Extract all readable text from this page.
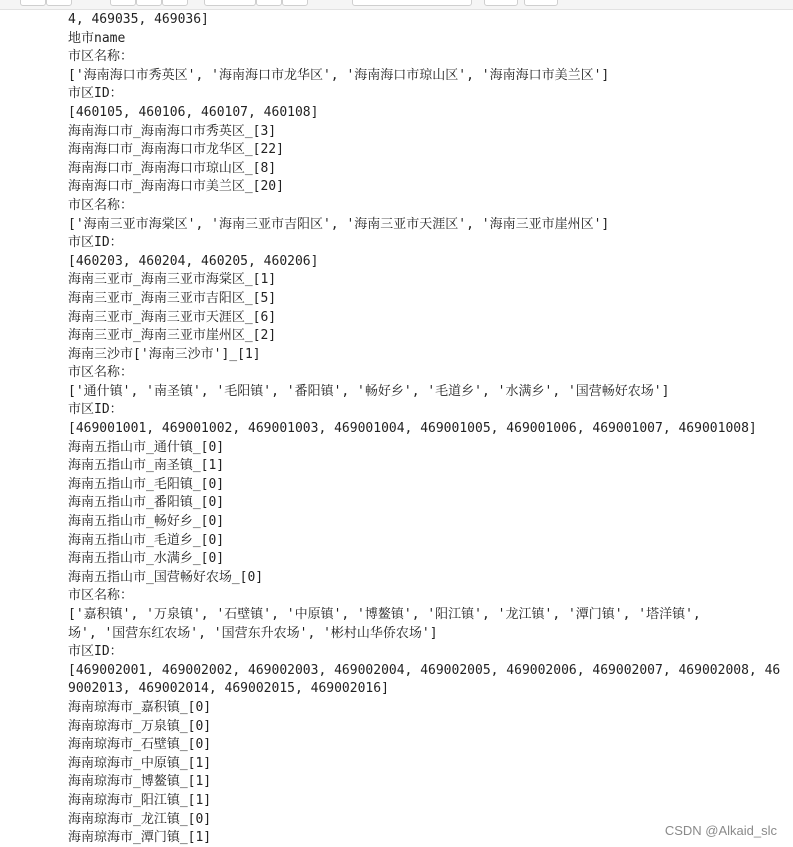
4, 469035, 469036]
地市name
市区名称：
['海南海口市秀英区', '海南海口市龙华区', '海南海口市琼山区', '海南海口市美兰区']
市区ID：
[460105, 460106, 460107, 460108]
海南海口市_海南海口市秀英区_[3]
海南海口市_海南海口市龙华区_[22]
海南海口市_海南海口市琼山区_[8]
海南海口市_海南海口市美兰区_[20]
市区名称：
['海南三亚市海棠区', '海南三亚市吉阳区', '海南三亚市天涯区', '海南三亚市崖州区']
市区ID：
[460203, 460204, 460205, 460206]
海南三亚市_海南三亚市海棠区_[1]
海南三亚市_海南三亚市吉阳区_[5]
海南三亚市_海南三亚市天涯区_[6]
海南三亚市_海南三亚市崖州区_[2]
海南三沙市['海南三沙市']_[1]
市区名称：
['通什镇', '南圣镇', '毛阳镇', '番阳镇', '畅好乡', '毛道乡', '水满乡', '国营畅好农场']
市区ID：
[469001001, 469001002, 469001003, 469001004, 469001005, 469001006, 469001007, 469001008]
海南五指山市_通什镇_[0]
海南五指山市_南圣镇_[1]
海南五指山市_毛阳镇_[0]
海南五指山市_番阳镇_[0]
海南五指山市_畅好乡_[0]
海南五指山市_毛道乡_[0]
海南五指山市_水满乡_[0]
海南五指山市_国营畅好农场_[0]
市区名称：
['嘉积镇', '万泉镇', '石壁镇', '中原镇', '博鳌镇', '阳江镇', '龙江镇', '潭门镇', '塔洋镇',
场', '国营东红农场', '国营东升农场', '彬村山华侨农场']
市区ID：
[469002001, 469002002, 469002003, 469002004, 469002005, 469002006, 469002007, 469002008, 46
9002013, 469002014, 469002015, 469002016]
海南琼海市_嘉积镇_[0]
海南琼海市_万泉镇_[0]
海南琼海市_石壁镇_[0]
海南琼海市_中原镇_[1]
海南琼海市_博鳌镇_[1]
海南琼海市_阳江镇_[1]
海南琼海市_龙江镇_[0]
海南琼海市_潭门镇_[1]	CSDN @Alkaid_slc
